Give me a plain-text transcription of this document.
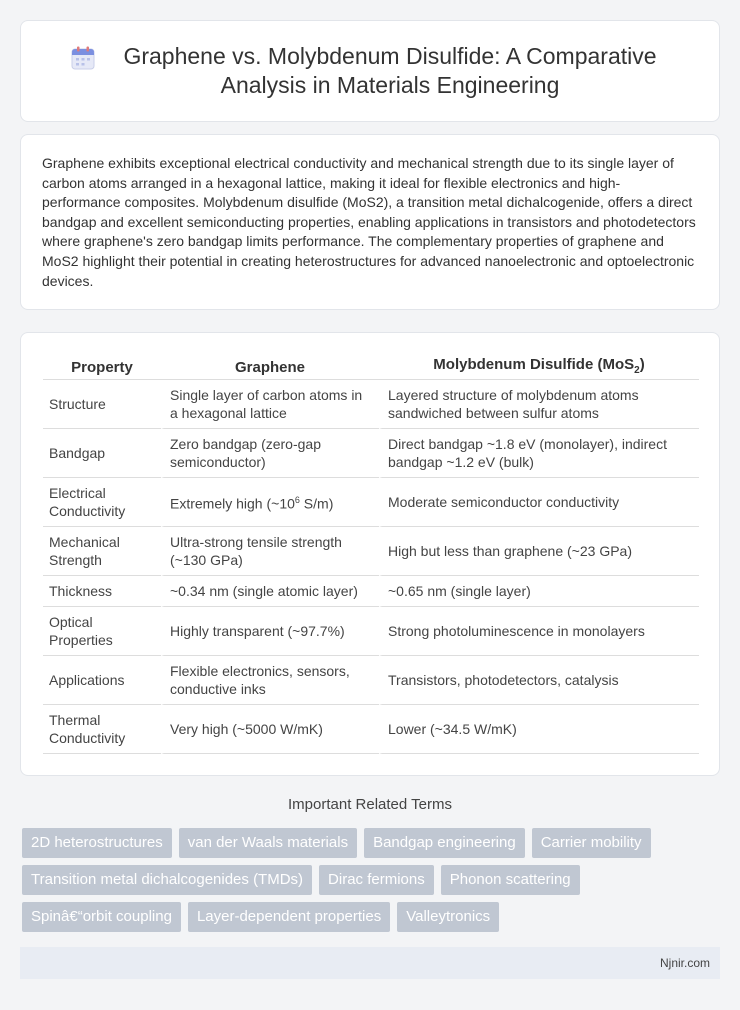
Graphene vs. Molybdenum Disulfide: A Comparative Analysis in Materials Engineering

Graphene exhibits exceptional electrical conductivity and mechanical strength due to its single layer of carbon atoms arranged in a hexagonal lattice, making it ideal for flexible electronics and high-performance composites. Molybdenum disulfide (MoS2), a transition metal dichalcogenide, offers a direct bandgap and excellent semiconducting properties, enabling applications in transistors and photodetectors where graphene's zero bandgap limits performance. The complementary properties of graphene and MoS2 highlight their potential in creating heterostructures for advanced nanoelectronic and optoelectronic devices.

Property	Graphene	Molybdenum Disulfide (MoS$_2$)
Structure	Single layer of carbon atoms in a hexagonal lattice	Layered structure of molybdenum atoms sandwiched between sulfur atoms
Bandgap	Zero bandgap (zero-gap semiconductor)	Direct bandgap ~1.8 eV (monolayer), indirect bandgap ~1.2 eV (bulk)
Electrical Conductivity	Extremely high ($\sim 10^6$ S/m)	Moderate semiconductor conductivity
Mechanical Strength	Ultra-strong tensile strength (~130 GPa)	High but less than graphene (~23 GPa)
Thickness	~0.34 nm (single atomic layer)	~0.65 nm (single layer)
Optical Properties	Highly transparent (~97.7%)	Strong photoluminescence in monolayers
Applications	Flexible electronics, sensors, conductive inks	Transistors, photodetectors, catalysis
Thermal Conductivity	Very high (~5000 W/mK)	Lower (~34.5 W/mK)
Important Related Terms
2D heterostructures	van der Waals materials	Bandgap engineering	Carrier mobility
Transition metal dichalcogenides (TMDs)	Dirac fermions	Phonon scattering
Spinâ€“orbit coupling	Layer-dependent properties	Valleytronics
Njnir.com
